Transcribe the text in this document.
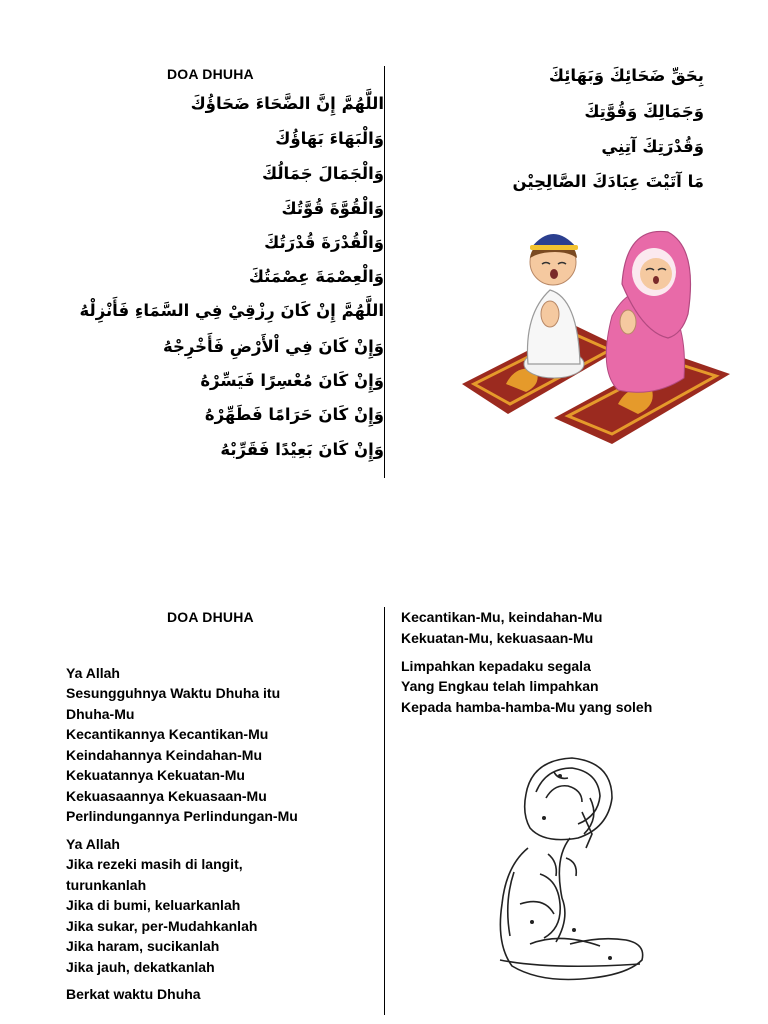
DOA DHUHA
اللَّهُمَّ إِنَّ الضَّحَاءَ ضَحَاؤُكَ
وَالْبَهَاءَ بَهَاؤُكَ
وَالْجَمَالَ جَمَالُكَ
وَالْقُوَّةَ قُوَّتُكَ
وَالْقُدْرَةَ قُدْرَتُكَ
وَالْعِصْمَةَ عِصْمَتُكَ
اللَّهُمَّ إِنْ كَانَ رِزْقِيْ فِي السَّمَاءِ فَأَنْزِلْهُ
وَإِنْ كَانَ فِي اْلأَرْضِ فَأَخْرِجْهُ
وَإِنْ كَانَ مُعْسِرًا فَيَسِّرْهُ
وَإِنْ كَانَ حَرَامًا فَطَهِّرْهُ
وَإِنْ كَانَ بَعِيْدًا فَقَرِّبْهُ
بِحَقِّ ضَحَائِكَ وَبَهَائِكَ
وَجَمَالِكَ وَقُوَّتِكَ
وَقُدْرَتِكَ آتِنِي
مَا آتَيْتَ عِبَادَكَ الصَّالِحِيْن
DOA DHUHA
Ya Allah
Sesungguhnya Waktu Dhuha itu
Dhuha-Mu
Kecantikannya Kecantikan-Mu
Keindahannya Keindahan-Mu
Kekuatannya Kekuatan-Mu
Kekuasaannya Kekuasaan-Mu
Perlindungannya Perlindungan-Mu
Ya Allah
Jika rezeki masih di langit,
turunkanlah
Jika di bumi, keluarkanlah
Jika sukar, per-Mudahkanlah
Jika haram, sucikanlah
Jika jauh, dekatkanlah
Berkat waktu Dhuha
Kecantikan-Mu, keindahan-Mu
Kekuatan-Mu, kekuasaan-Mu
Limpahkan kepadaku segala
Yang Engkau telah limpahkan
Kepada hamba-hamba-Mu yang soleh
